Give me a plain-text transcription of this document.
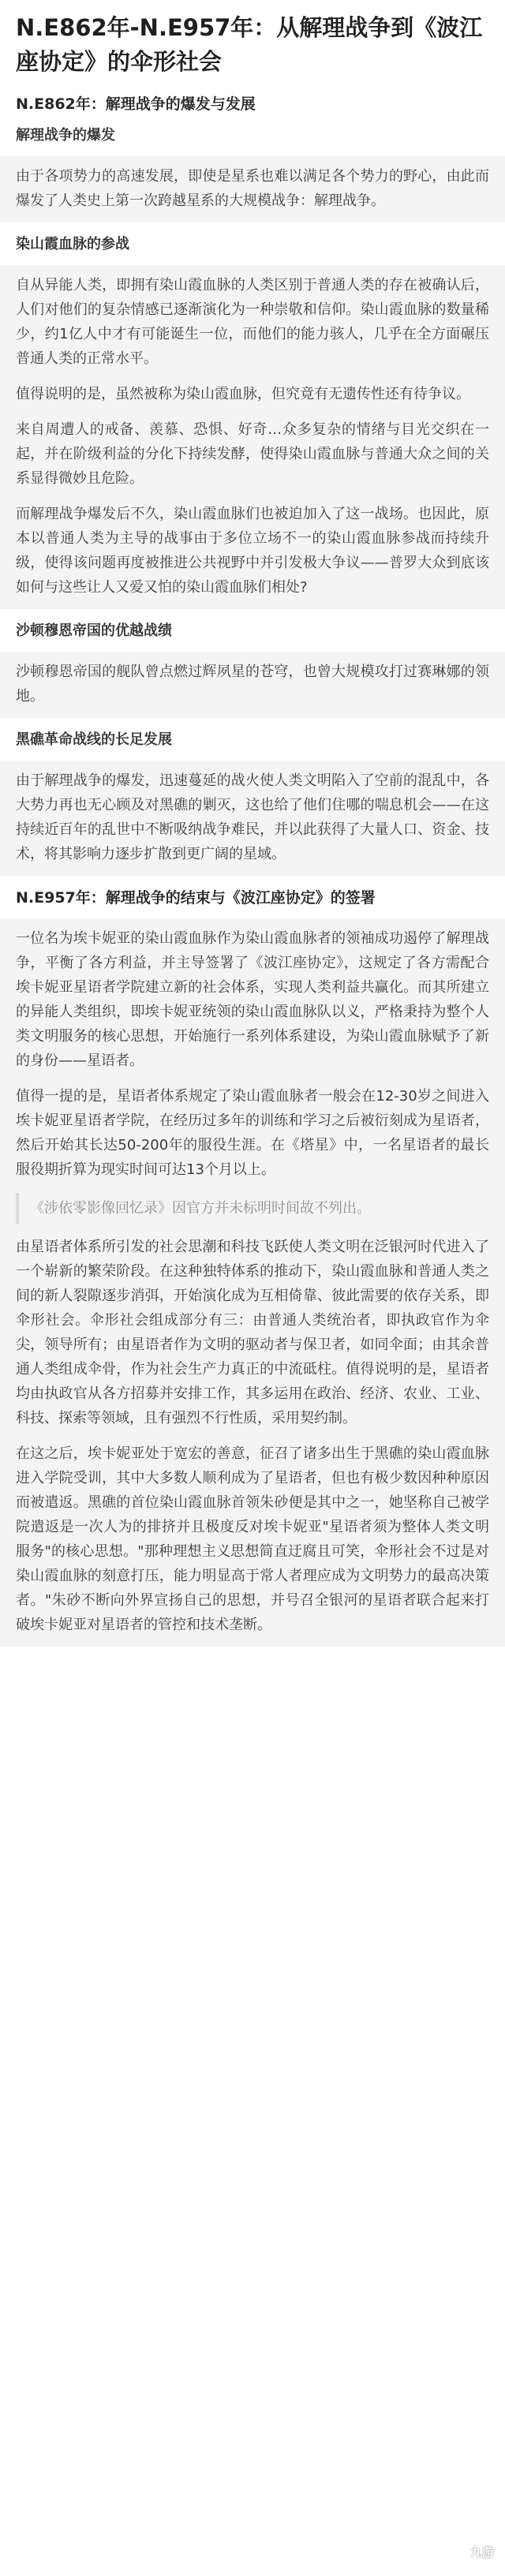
N.E862年-N.E957年：从解理战争到《波江座协定》的伞形社会
N.E862年：解理战争的爆发与发展
解理战争的爆发

由于各项势力的高速发展，即使是星系也难以满足各个势力的野心，由此而爆发了人类史上第一次跨越星系的大规模战争：解理战争。

染山霞血脉的参战

自从异能人类，即拥有染山霞血脉的人类区别于普通人类的存在被确认后，人们对他们的复杂情感已逐渐演化为一种崇敬和信仰。染山霞血脉的数量稀少，约1亿人中才有可能诞生一位，而他们的能力骇人，几乎在全方面碾压普通人类的正常水平。

值得说明的是，虽然被称为染山霞血脉，但究竟有无遗传性还有待争议。

来自周遭人的戒备、羡慕、恐惧、好奇…众多复杂的情绪与目光交织在一起，并在阶级利益的分化下持续发酵，使得染山霞血脉与普通大众之间的关系显得微妙且危险。

而解理战争爆发后不久，染山霞血脉们也被迫加入了这一战场。也因此，原本以普通人类为主导的战事由于多位立场不一的染山霞血脉参战而持续升级，使得该问题再度被推进公共视野中并引发极大争议——普罗大众到底该如何与这些让人又爱又怕的染山霞血脉们相处?

沙顿穆恩帝国的优越战绩

沙顿穆恩帝国的舰队曾点燃过辉夙星的苍穹，也曾大规模攻打过赛琳娜的领地。

黑礁革命战线的长足发展

由于解理战争的爆发，迅速蔓延的战火使人类文明陷入了空前的混乱中，各大势力再也无心顾及对黑礁的剿灭，这也给了他们住哪的喘息机会——在这持续近百年的乱世中不断吸纳战争难民，并以此获得了大量人口、资金、技术，将其影响力逐步扩散到更广阔的星域。

N.E957年：解理战争的结束与《波江座协定》的签署

一位名为埃卡妮亚的染山霞血脉作为染山霞血脉者的领袖成功遏停了解理战争，平衡了各方利益，并主导签署了《波江座协定》，这规定了各方需配合埃卡妮亚星语者学院建立新的社会体系，实现人类利益共赢化。而其所建立的异能人类组织，即埃卡妮亚统领的染山霞血脉队以义，严格秉持为整个人类文明服务的核心思想，开始施行一系列体系建设，为染山霞血脉赋予了新的身份——星语者。

值得一提的是，星语者体系规定了染山霞血脉者一般会在12-30岁之间进入埃卡妮亚星语者学院，在经历过多年的训练和学习之后被衍刻成为星语者，然后开始其长达50-200年的服役生涯。在《塔星》中，一名星语者的最长服役期折算为现实时间可达13个月以上。

《涉依零影像回忆录》因官方并未标明时间故不列出。

由星语者体系所引发的社会思潮和科技飞跃使人类文明在泛银河时代进入了一个崭新的繁荣阶段。在这种独特体系的推动下，染山霞血脉和普通人类之间的新人裂隙逐步消弭，开始演化成为互相倚靠、彼此需要的依存关系，即伞形社会。伞形社会组成部分有三：由普通人类统治者，即执政官作为伞尖，领导所有；由星语者作为文明的驱动者与保卫者，如同伞面；由其余普通人类组成伞骨，作为社会生产力真正的中流砥柱。值得说明的是，星语者均由执政官从各方招募并安排工作，其多运用在政治、经济、农业、工业、科技、探索等领域，且有强烈不行性质，采用契约制。

在这之后，埃卡妮亚处于宽宏的善意，征召了诸多出生于黑礁的染山霞血脉进入学院受训，其中大多数人顺利成为了星语者，但也有极少数因种种原因而被遣返。黑礁的首位染山霞血脉首领朱砂便是其中之一，她坚称自己被学院遣返是一次人为的排挤并且极度反对埃卡妮亚"星语者须为整体人类文明服务"的核心思想。"那种理想主义思想简直迂腐且可笑，伞形社会不过是对染山霞血脉的刻意打压，能力明显高于常人者理应成为文明势力的最高决策者。"朱砂不断向外界宣扬自己的思想，并号召全银河的星语者联合起来打破埃卡妮亚对星语者的管控和技术垄断。

九游
